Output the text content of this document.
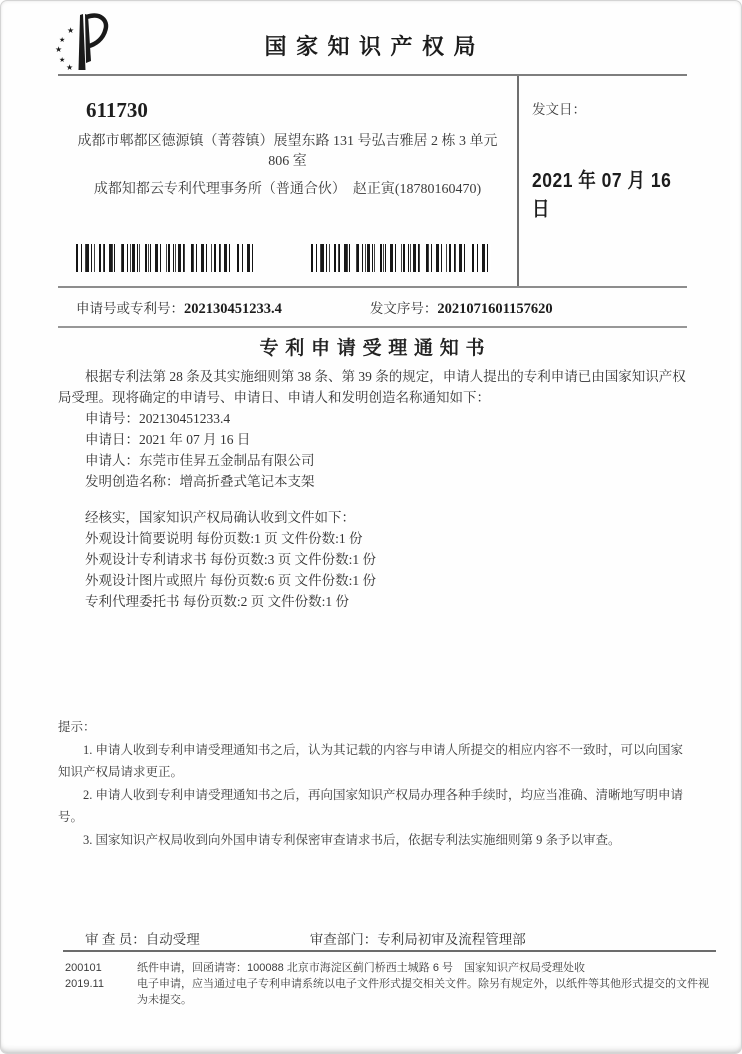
★
★
★
★
★
国 家 知 识 产 权 局
611730
成都市郫都区德源镇（菁蓉镇）展望东路 131 号弘吉雅居 2 栋 3 单元
806 室
成都知都云专利代理事务所（普通合伙）　赵正寅(18780160470)
发文日：
2021 年 07 月 16 日
申请号或专利号：202130451233.4	发文序号：2021071601157620
专 利 申 请 受 理 通 知 书

根据专利法第 28 条及其实施细则第 38 条、第 39 条的规定，申请人提出的专利申请已由国家知识产权局受理。现将确定的申请号、申请日、申请人和发明创造名称通知如下：

申请号：202130451233.4
申请日：2021 年 07 月 16 日
申请人：东莞市佳昇五金制品有限公司
发明创造名称：增高折叠式笔记本支架
经核实，国家知识产权局确认收到文件如下：
外观设计简要说明 每份页数:1 页 文件份数:1 份
外观设计专利请求书 每份页数:3 页 文件份数:1 份
外观设计图片或照片 每份页数:6 页 文件份数:1 份
专利代理委托书 每份页数:2 页 文件份数:1 份
提示：

1. 申请人收到专利申请受理通知书之后，认为其记载的内容与申请人所提交的相应内容不一致时，可以向国家知识产权局请求更正。

2. 申请人收到专利申请受理通知书之后，再向国家知识产权局办理各种手续时，均应当准确、清晰地写明申请号。

3. 国家知识产权局收到向外国申请专利保密审查请求书后，依据专利法实施细则第 9 条予以审查。

审 查 员：自动受理	审查部门：专利局初审及流程管理部
200101
2019.11

纸件申请，回函请寄：100088 北京市海淀区蓟门桥西土城路 6 号　国家知识产权局受理处收

电子申请，应当通过电子专利申请系统以电子文件形式提交相关文件。除另有规定外，以纸件等其他形式提交的文件视为未提交。
